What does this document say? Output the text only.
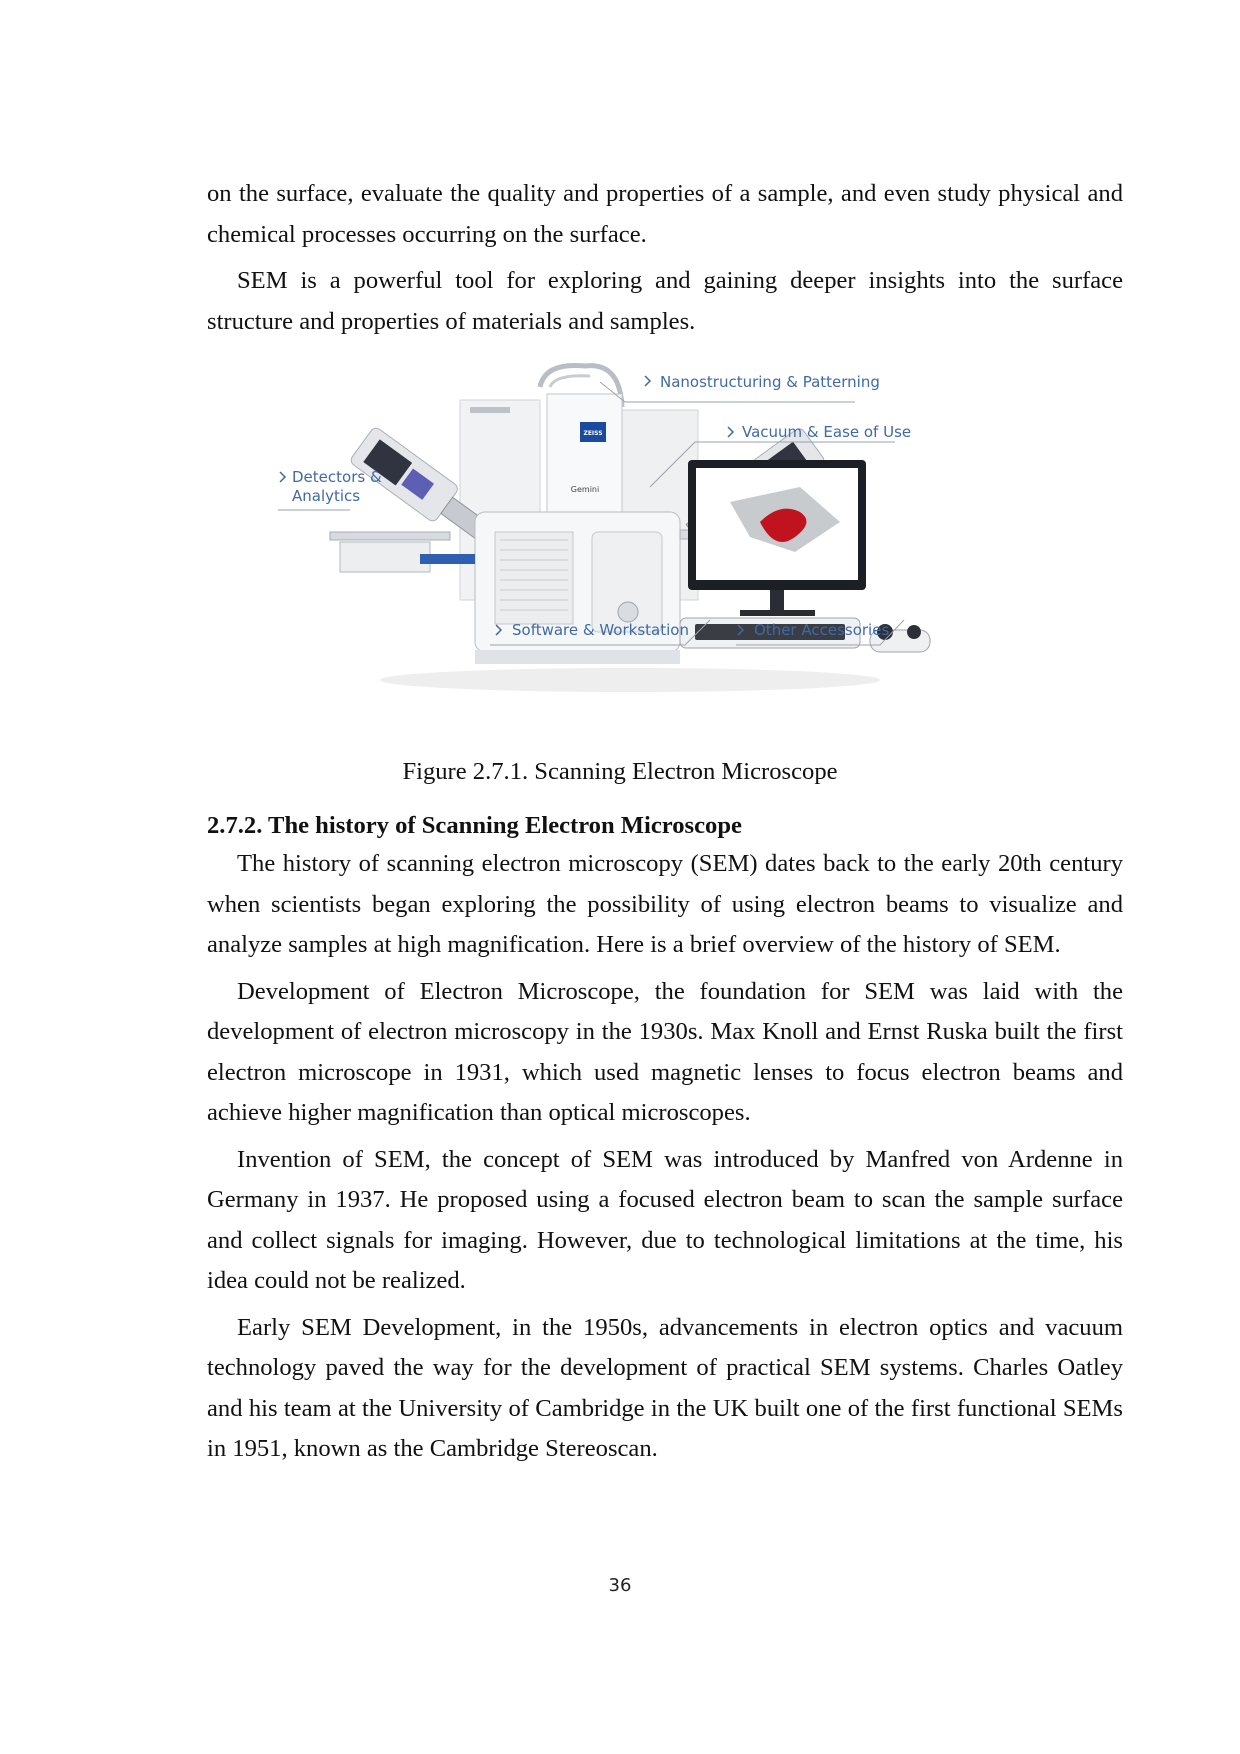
on the surface, evaluate the quality and properties of a sample, and even study physical and chemical processes occurring on the surface.

SEM is a powerful tool for exploring and gaining deeper insights into the surface structure and properties of materials and samples.

ZEISS
Gemini
Nanostructuring & Patterning
Vacuum & Ease of Use
Detectors &
Analytics
Software & Workstation	Other Accessories
Figure 2.7.1. Scanning Electron Microscope
2.7.2. The history of Scanning Electron Microscope

The history of scanning electron microscopy (SEM) dates back to the early 20th century when scientists began exploring the possibility of using electron beams to visualize and analyze samples at high magnification. Here is a brief overview of the history of SEM.

Development of Electron Microscope, the foundation for SEM was laid with the development of electron microscopy in the 1930s. Max Knoll and Ernst Ruska built the first electron microscope in 1931, which used magnetic lenses to focus electron beams and achieve higher magnification than optical microscopes.

Invention of SEM, the concept of SEM was introduced by Manfred von Ardenne in Germany in 1937. He proposed using a focused electron beam to scan the sample surface and collect signals for imaging. However, due to technological limitations at the time, his idea could not be realized.

Early SEM Development, in the 1950s, advancements in electron optics and vacuum technology paved the way for the development of practical SEM systems. Charles Oatley and his team at the University of Cambridge in the UK built one of the first functional SEMs in 1951, known as the Cambridge Stereoscan.

36
